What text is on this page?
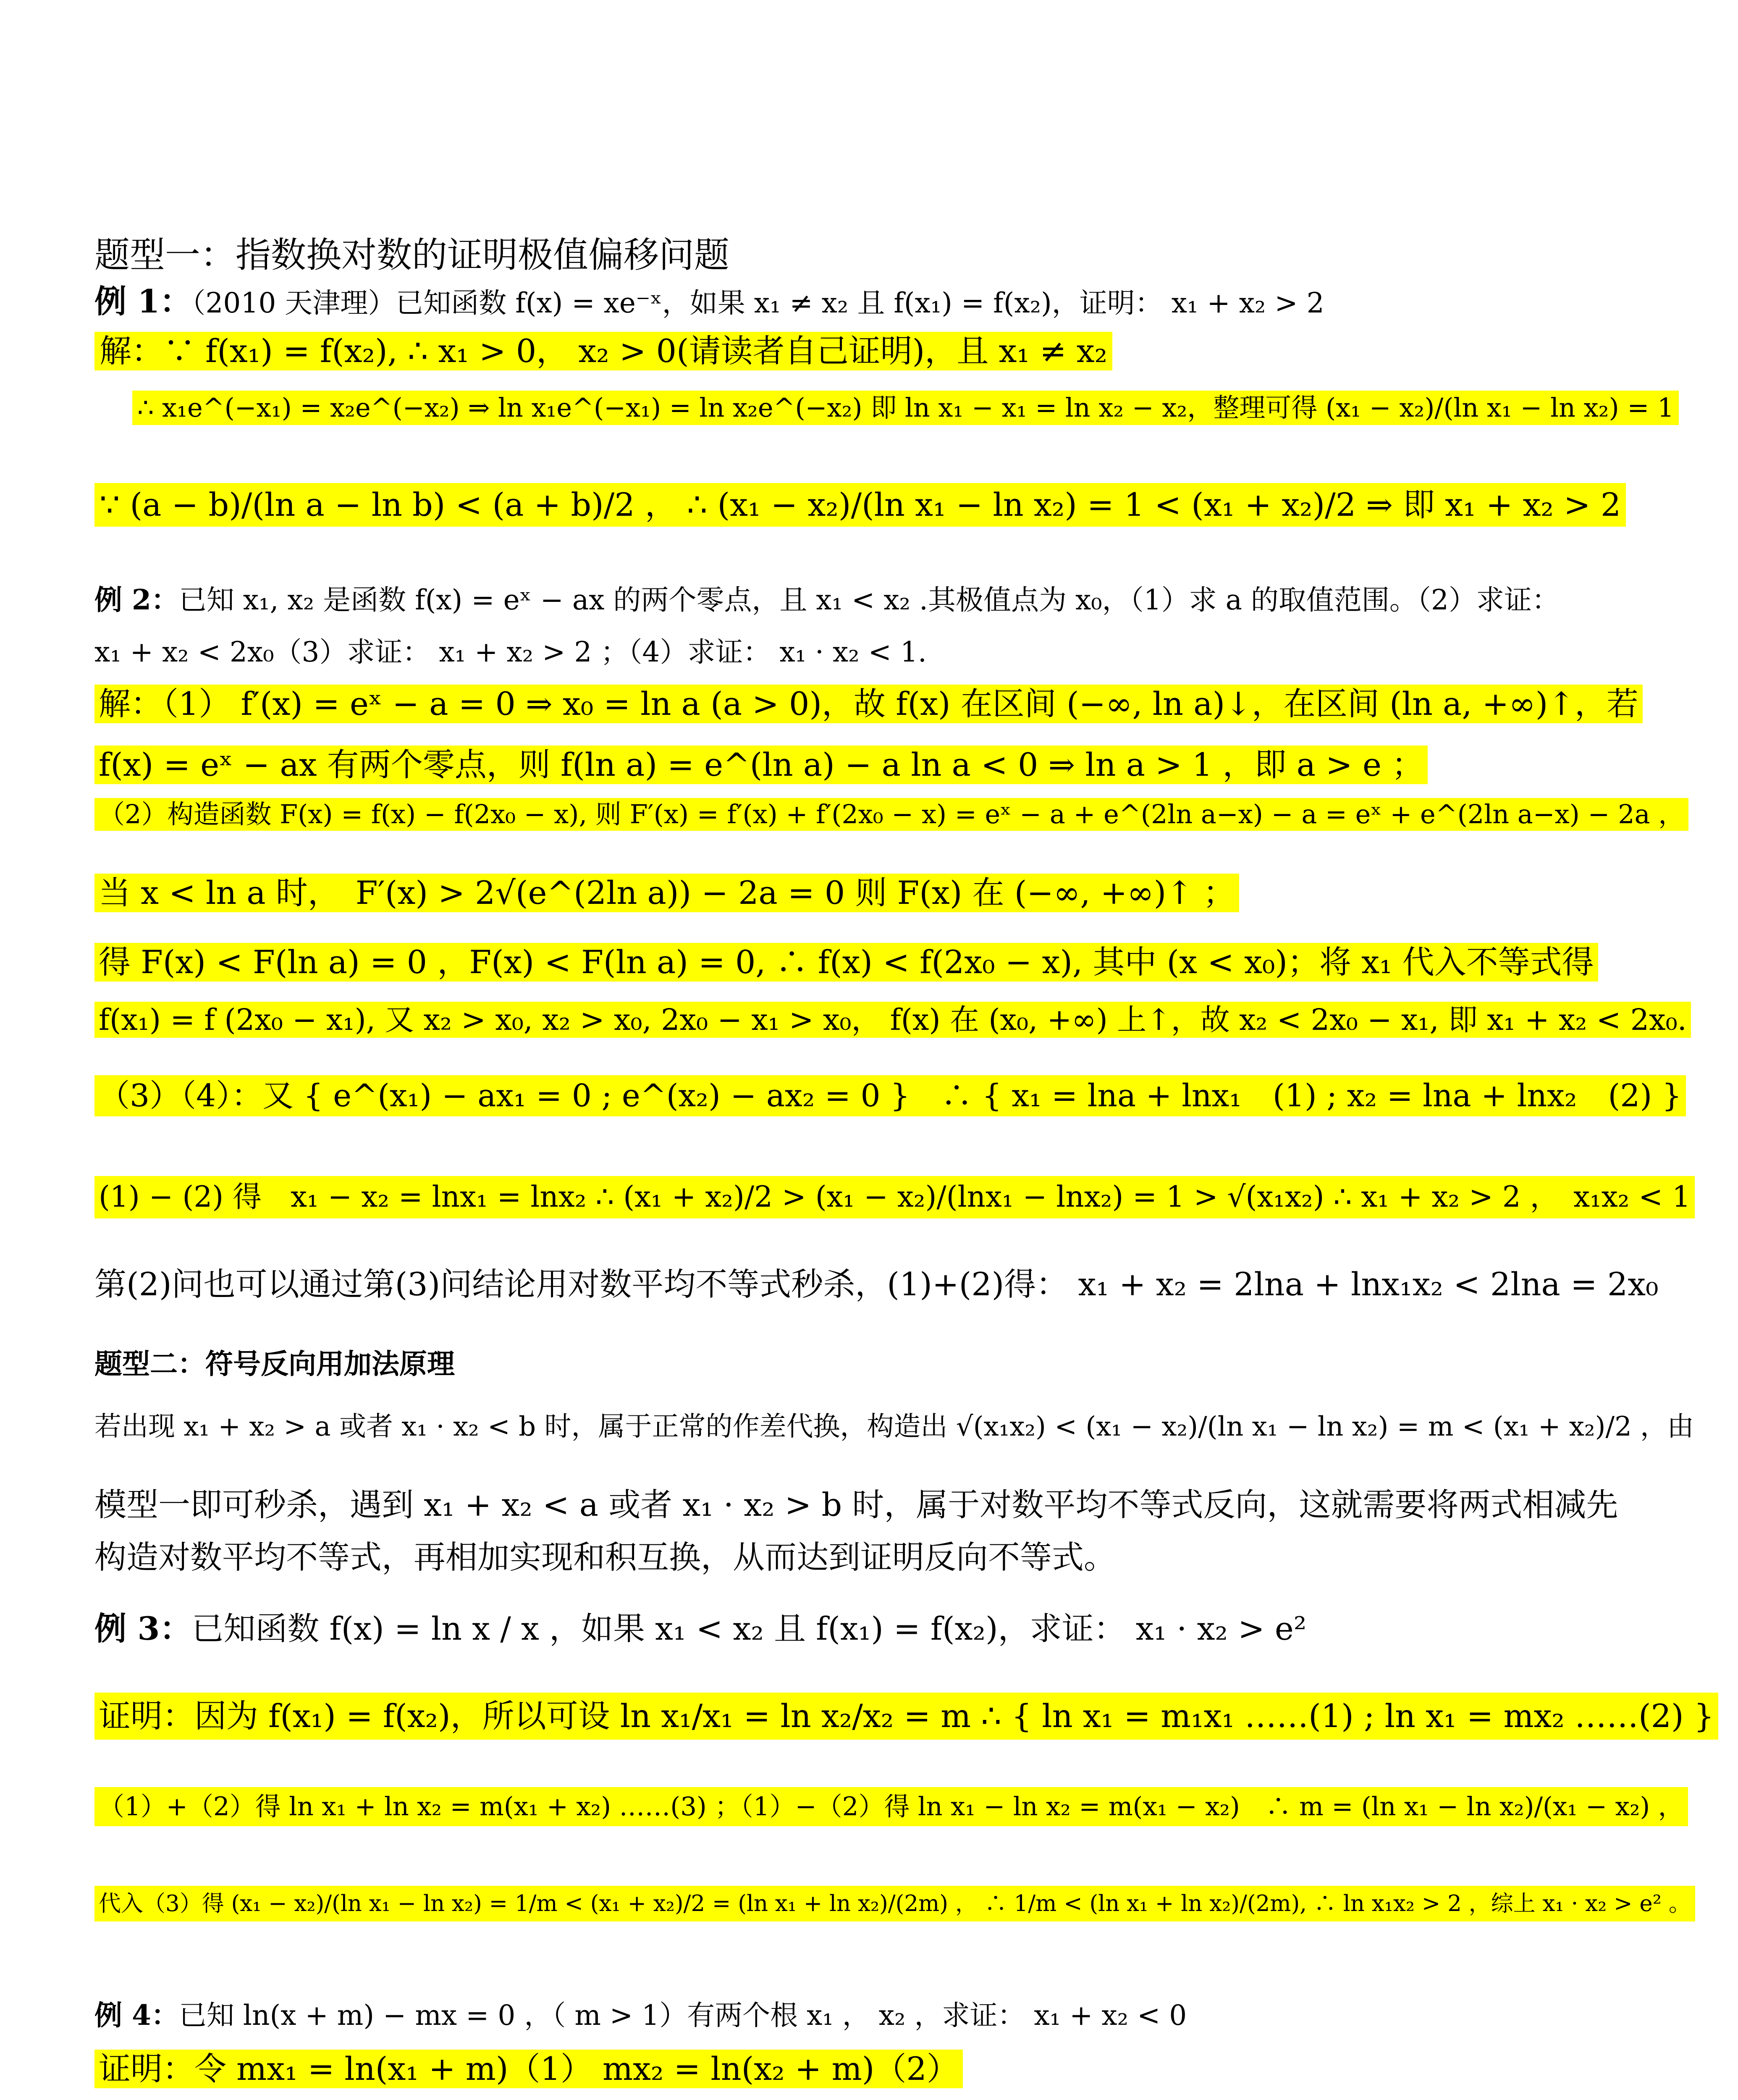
题型一：指数换对数的证明极值偏移问题
例 1：（2010 天津理）已知函数 f(x) = xe⁻ˣ，如果 x₁ ≠ x₂ 且 f(x₁) = f(x₂)，证明： x₁ + x₂ > 2
解：∵ f(x₁) = f(x₂), ∴ x₁ > 0， x₂ > 0(请读者自己证明)，且 x₁ ≠ x₂
∴ x₁e^(−x₁) = x₂e^(−x₂) ⇒ ln x₁e^(−x₁) = ln x₂e^(−x₂) 即 ln x₁ − x₁ = ln x₂ − x₂，整理可得 (x₁ − x₂)/(ln x₁ − ln x₂) = 1
∵ (a − b)/(ln a − ln b) < (a + b)/2 ， ∴ (x₁ − x₂)/(ln x₁ − ln x₂) = 1 < (x₁ + x₂)/2 ⇒ 即 x₁ + x₂ > 2
例 2：已知 x₁, x₂ 是函数 f(x) = eˣ − ax 的两个零点，且 x₁ < x₂ .其极值点为 x₀，（1）求 a 的取值范围。（2）求证：
x₁ + x₂ < 2x₀（3）求证： x₁ + x₂ > 2 ；（4）求证： x₁ · x₂ < 1.
解：（1） f′(x) = eˣ − a = 0 ⇒ x₀ = ln a (a > 0)，故 f(x) 在区间 (−∞, ln a)↓，在区间 (ln a, +∞)↑，若
f(x) = eˣ − ax 有两个零点，则 f(ln a) = e^(ln a) − a ln a < 0 ⇒ ln a > 1 ，即 a > e ；
（2）构造函数 F(x) = f(x) − f(2x₀ − x), 则 F′(x) = f′(x) + f′(2x₀ − x) = eˣ − a + e^(2ln a−x) − a = eˣ + e^(2ln a−x) − 2a ，
当 x < ln a 时，　F′(x) > 2√(e^(2ln a)) − 2a = 0 则 F(x) 在 (−∞, +∞)↑ ；
得 F(x) < F(ln a) = 0 ，F(x) < F(ln a) = 0, ∴ f(x) < f(2x₀ − x), 其中 (x < x₀)；将 x₁ 代入不等式得
f(x₁) = f (2x₀ − x₁), 又 x₂ > x₀, x₂ > x₀, 2x₀ − x₁ > x₀， f(x) 在 (x₀, +∞) 上↑，故 x₂ < 2x₀ − x₁, 即 x₁ + x₂ < 2x₀.
（3）（4）：又 { e^(x₁) − ax₁ = 0 ; e^(x₂) − ax₂ = 0 }　∴ { x₁ = lna + lnx₁　(1) ; x₂ = lna + lnx₂　(2) }
(1) − (2) 得　x₁ − x₂ = lnx₁ = lnx₂ ∴ (x₁ + x₂)/2 > (x₁ − x₂)/(lnx₁ − lnx₂) = 1 > √(x₁x₂) ∴ x₁ + x₂ > 2 ，　x₁x₂ < 1
第(2)问也可以通过第(3)问结论用对数平均不等式秒杀，(1)+(2)得： x₁ + x₂ = 2lna + lnx₁x₂ < 2lna = 2x₀
题型二：符号反向用加法原理
若出现 x₁ + x₂ > a 或者 x₁ · x₂ < b 时，属于正常的作差代换，构造出 √(x₁x₂) < (x₁ − x₂)/(ln x₁ − ln x₂) = m < (x₁ + x₂)/2 ，由
模型一即可秒杀，遇到 x₁ + x₂ < a 或者 x₁ · x₂ > b 时，属于对数平均不等式反向，这就需要将两式相减先
构造对数平均不等式，再相加实现和积互换，从而达到证明反向不等式。
例 3：已知函数 f(x) = ln x / x ，如果 x₁ < x₂ 且 f(x₁) = f(x₂)，求证： x₁ · x₂ > e²
证明：因为 f(x₁) = f(x₂)，所以可设 ln x₁/x₁ = ln x₂/x₂ = m ∴ { ln x₁ = m₁x₁ ……(1) ; ln x₁ = mx₂ ……(2) }
（1）+（2）得 ln x₁ + ln x₂ = m(x₁ + x₂) ……(3) ；（1）−（2）得 ln x₁ − ln x₂ = m(x₁ − x₂)　∴ m = (ln x₁ − ln x₂)/(x₁ − x₂) ，
代入（3）得 (x₁ − x₂)/(ln x₁ − ln x₂) = 1/m < (x₁ + x₂)/2 = (ln x₁ + ln x₂)/(2m) ， ∴ 1/m < (ln x₁ + ln x₂)/(2m), ∴ ln x₁x₂ > 2 ，综上 x₁ · x₂ > e² 。
例 4：已知 ln(x + m) − mx = 0 ，（ m > 1）有两个根 x₁ ， x₂ ，求证： x₁ + x₂ < 0
证明：令 mx₁ = ln(x₁ + m)（1） mx₂ = ln(x₂ + m)（2）
